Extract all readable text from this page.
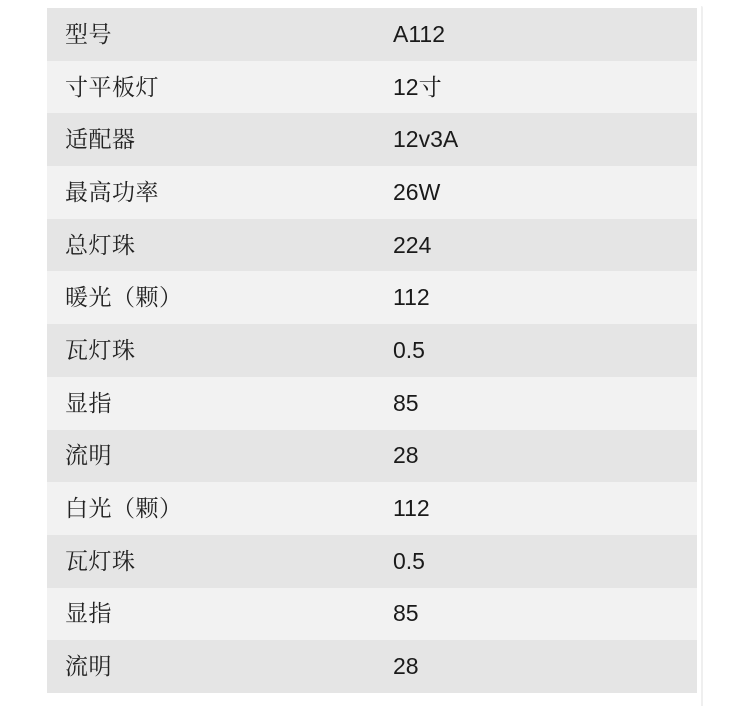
型号	A112
寸平板灯	12寸
适配器	12v3A
最高功率	26W
总灯珠	224
暖光（颗）	112
瓦灯珠	0.5
显指	85
流明	28
白光（颗）	112
瓦灯珠	0.5
显指	85
流明	28
